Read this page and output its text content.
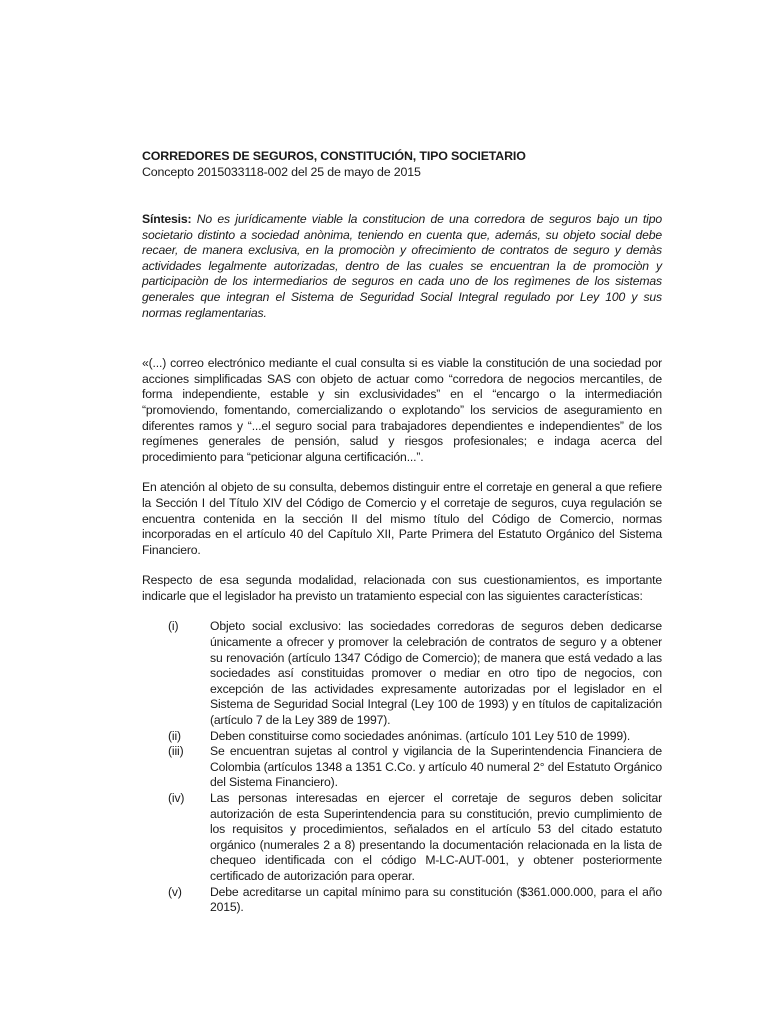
CORREDORES DE SEGUROS, CONSTITUCIÓN, TIPO SOCIETARIO

Concepto 2015033118-002 del 25 de mayo de 2015

Síntesis: No es jurídicamente viable la constitucion de una corredora de seguros bajo un tipo societario distinto a sociedad anònima, teniendo en cuenta que, además, su objeto social debe recaer, de manera exclusiva, en la promociòn y ofrecimiento de contratos de seguro y demàs actividades legalmente autorizadas, dentro de las cuales se encuentran la de promociòn y participaciòn de los intermediarios de seguros en cada uno de los regìmenes de los sistemas generales que integran el Sistema de Seguridad Social Integral regulado por Ley 100 y sus normas reglamentarias.

«(...) correo electrónico mediante el cual consulta si es viable la constitución de una sociedad por acciones simplificadas SAS con objeto de actuar como “corredora de negocios mercantiles, de forma independiente, estable y sin exclusividades” en el “encargo o la intermediación “promoviendo, fomentando, comercializando o explotando” los servicios de aseguramiento en diferentes ramos y “...el seguro social para trabajadores dependientes e independientes” de los regímenes generales de pensión, salud y riesgos profesionales; e indaga acerca del procedimiento para “peticionar alguna certificación...”.

En atención al objeto de su consulta, debemos distinguir entre el corretaje en general a que refiere la Sección I del Título XIV del Código de Comercio y el corretaje de seguros, cuya regulación se encuentra contenida en la sección II del mismo título del Código de Comercio, normas incorporadas en el artículo 40 del Capítulo XII, Parte Primera del Estatuto Orgánico del Sistema Financiero.

Respecto de esa segunda modalidad, relacionada con sus cuestionamientos, es importante indicarle que el legislador ha previsto un tratamiento especial con las siguientes características:

(i)	Objeto social exclusivo: las sociedades corredoras de seguros deben dedicarse únicamente a ofrecer y promover la celebración de contratos de seguro y a obtener su renovación (artículo 1347 Código de Comercio); de manera que está vedado a las sociedades así constituidas promover o mediar en otro tipo de negocios, con excepción de las actividades expresamente autorizadas por el legislador en el Sistema de Seguridad Social Integral (Ley 100 de 1993) y en títulos de capitalización (artículo 7 de la Ley 389 de 1997).
(ii)	Deben constituirse como sociedades anónimas. (artículo 101 Ley 510 de 1999).
(iii)	Se encuentran sujetas al control y vigilancia de la Superintendencia Financiera de Colombia (artículos 1348 a 1351 C.Co. y artículo 40 numeral 2° del Estatuto Orgánico del Sistema Financiero).
(iv)	Las personas interesadas en ejercer el corretaje de seguros deben solicitar autorización de esta Superintendencia para su constitución, previo cumplimiento de los requisitos y procedimientos, señalados en el artículo 53 del citado estatuto orgánico (numerales 2 a 8) presentando la documentación relacionada en la lista de chequeo identificada con el código M-LC-AUT-001, y obtener posteriormente certificado de autorización para operar.
(v)	Debe acreditarse un capital mínimo para su constitución ($361.000.000, para el año 2015).
